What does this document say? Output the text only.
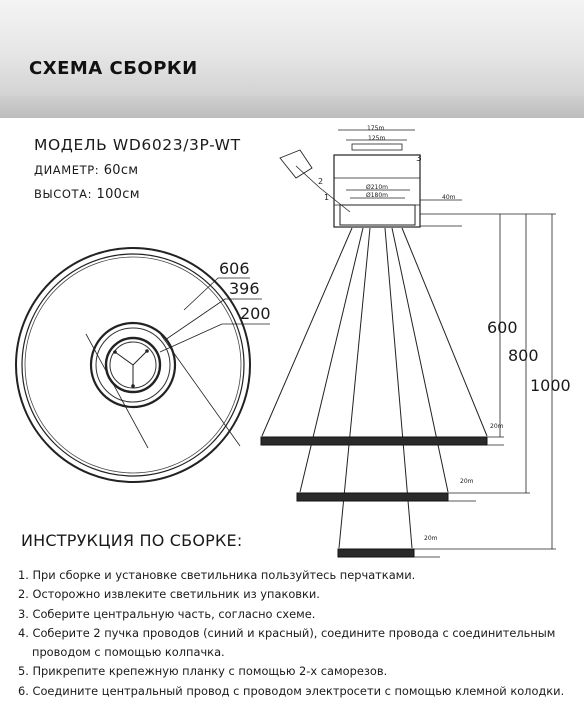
СХЕМА СБОРКИ
МОДЕЛЬ WD6023/3P-WT
ДИАМЕТР: 60см
ВЫСОТА: 100см
606
396
200
2
1
600
800
1000
175m
125m
3
Ø210m
Ø180m	40m
20m
20m
20m
ИНСТРУКЦИЯ ПО СБОРКЕ:
1. При сборке и установке светильника пользуйтесь перчатками.
2. Осторожно извлеките светильник из упаковки.
3. Соберите центральную часть, согласно схеме.
4. Соберите 2 пучка проводов (синий и красный), соедините провода с соединительным
проводом с помощью колпачка.
5. Прикрепите крепежную планку с помощью 2-х саморезов.
6. Соедините центральный провод с проводом электросети с помощью клемной колодки.
